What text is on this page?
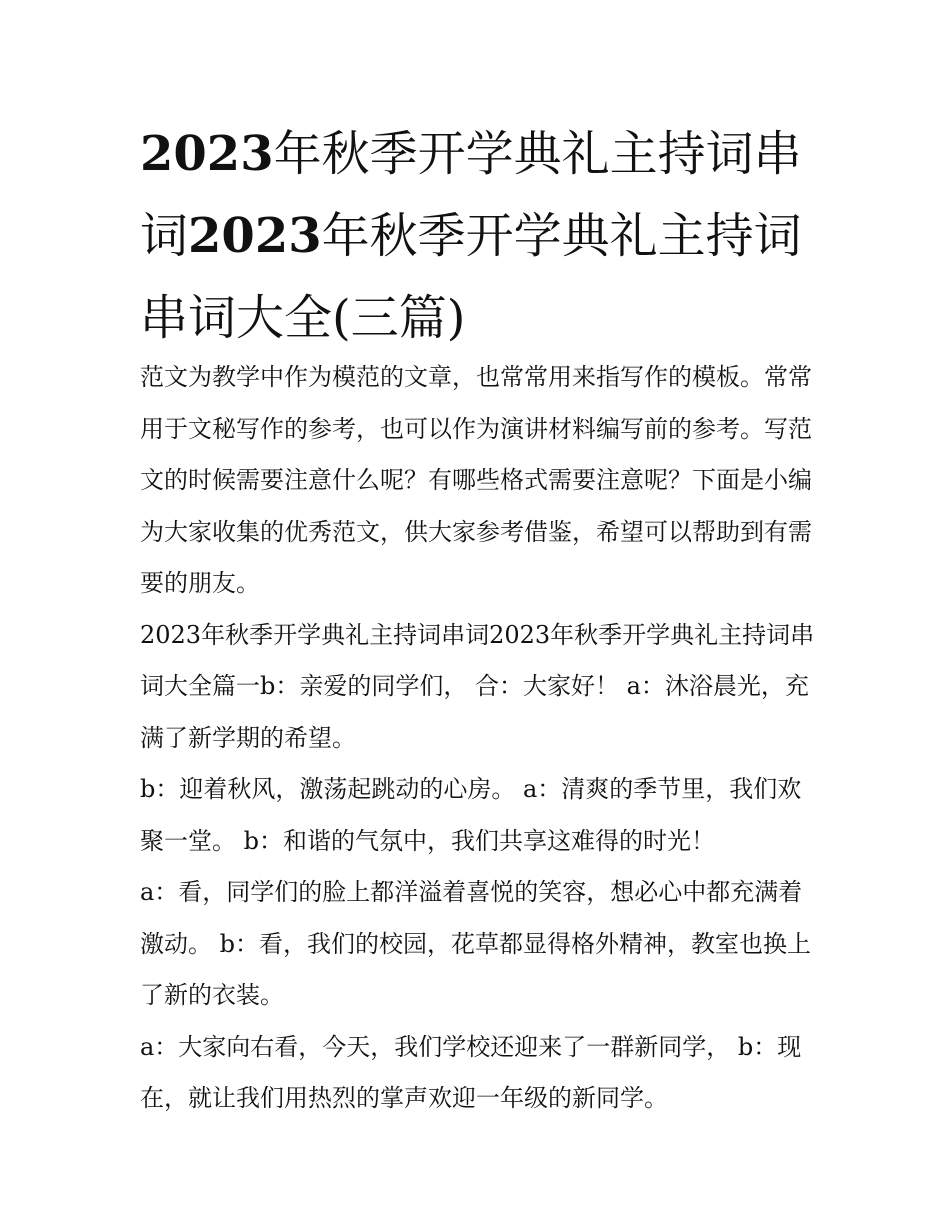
2023年秋季开学典礼主持词串词2023年秋季开学典礼主持词串词大全(三篇)

范文为教学中作为模范的文章，也常常用来指写作的模板。常常用于文秘写作的参考，也可以作为演讲材料编写前的参考。写范文的时候需要注意什么呢？有哪些格式需要注意呢？下面是小编为大家收集的优秀范文，供大家参考借鉴，希望可以帮助到有需要的朋友。

2023年秋季开学典礼主持词串词2023年秋季开学典礼主持词串词大全篇一b：亲爱的同学们， 合：大家好！ a：沐浴晨光，充满了新学期的希望。

b：迎着秋风，激荡起跳动的心房。 a：清爽的季节里，我们欢聚一堂。 b：和谐的气氛中，我们共享这难得的时光！

a：看，同学们的脸上都洋溢着喜悦的笑容，想必心中都充满着激动。 b：看，我们的校园，花草都显得格外精神，教室也换上了新的衣装。

a：大家向右看，今天，我们学校还迎来了一群新同学， b：现在，就让我们用热烈的掌声欢迎一年级的新同学。
